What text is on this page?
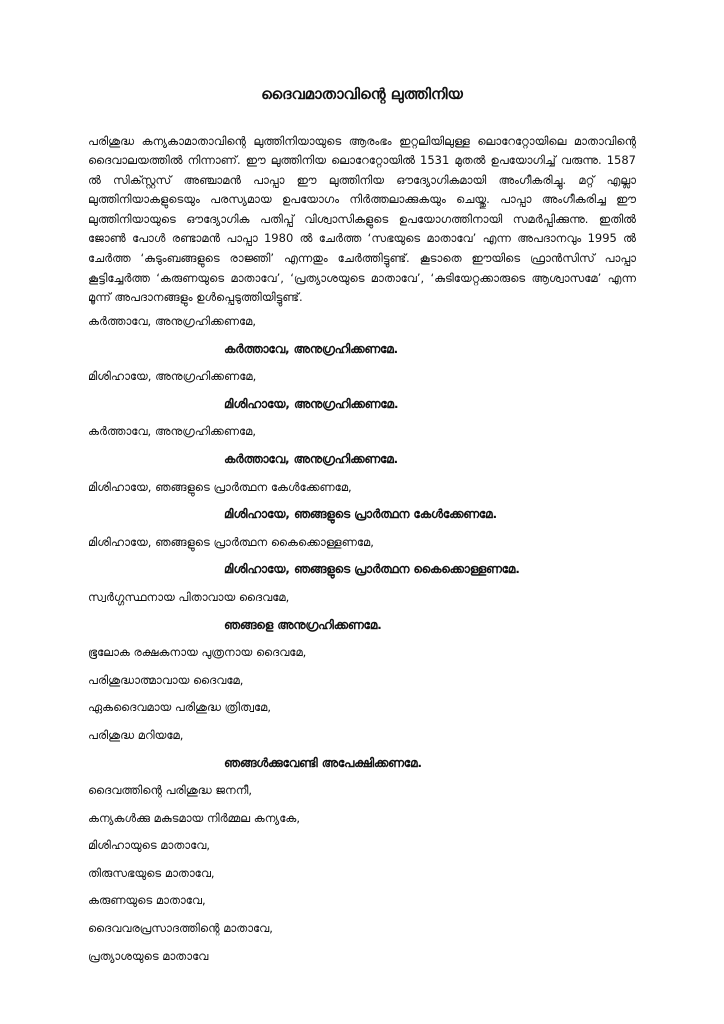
ദൈവമാതാവിന്റെ ലുത്തിനിയ

പരിശുദ്ധ കന്യകാമാതാവിന്റെ ലുത്തിനിയായുടെ ആരംഭം ഇറ്റലിയിലുള്ള ലൊറേറ്റോയിലെ മാതാവിന്റെ ദൈവാലയത്തിൽ നിന്നാണ്. ഈ ലുത്തിനിയ ലൊറേറ്റോയിൽ 1531 മുതൽ ഉപയോഗിച്ച് വരുന്നു. 1587 ൽ സിക്സ്റ്റസ് അഞ്ചാമൻ പാപ്പാ ഈ ലുത്തിനിയ ഔദ്യോഗികമായി അംഗീകരിച്ചു. മറ്റ് എല്ലാ ലുത്തിനിയാകളുടെയും പരസ്യമായ ഉപയോഗം നിർത്തലാക്കുകയും ചെയ്തു. പാപ്പാ അംഗീകരിച്ച ഈ ലുത്തിനിയായുടെ ഔദ്യോഗിക പതിപ്പ് വിശ്വാസികളുടെ ഉപയോഗത്തിനായി സമർപ്പിക്കുന്നു. ഇതിൽ ജോൺ പോൾ രണ്ടാമൻ പാപ്പാ 1980 ൽ ചേർത്ത ‘സഭയുടെ മാതാവേ’ എന്ന അപദാനവും 1995 ൽ ചേർത്ത ‘കുടുംബങ്ങളുടെ രാജ്ഞി’ എന്നതും ചേർത്തിട്ടുണ്ട്. കൂടാതെ ഈയിടെ ഫ്രാൻസിസ് പാപ്പാ കൂട്ടിച്ചേർത്ത ‘കരുണയുടെ മാതാവേ’, ‘പ്രത്യാശയുടെ മാതാവേ’, ‘കുടിയേറ്റക്കാരുടെ ആശ്വാസമേ’ എന്ന മൂന്ന് അപദാനങ്ങളും ഉൾപ്പെടുത്തിയിട്ടുണ്ട്.

കർത്താവേ, അനുഗ്രഹിക്കണമേ,
കർത്താവേ, അനുഗ്രഹിക്കണമേ.
മിശിഹായേ, അനുഗ്രഹിക്കണമേ,
മിശിഹായേ, അനുഗ്രഹിക്കണമേ.
കർത്താവേ, അനുഗ്രഹിക്കണമേ,
കർത്താവേ, അനുഗ്രഹിക്കണമേ.
മിശിഹായേ, ഞങ്ങളുടെ പ്രാർത്ഥന കേൾക്കേണമേ,
മിശിഹായേ, ഞങ്ങളുടെ പ്രാർത്ഥന കേൾക്കേണമേ.
മിശിഹായേ, ഞങ്ങളുടെ പ്രാർത്ഥന കൈക്കൊള്ളണമേ,
മിശിഹായേ, ഞങ്ങളുടെ പ്രാർത്ഥന കൈക്കൊള്ളണമേ.
സ്വർഗ്ഗസ്ഥനായ പിതാവായ ദൈവമേ,
ഞങ്ങളെ അനുഗ്രഹിക്കണമേ.
ഭൂലോക രക്ഷകനായ പുത്രനായ ദൈവമേ,
പരിശുദ്ധാത്മാവായ ദൈവമേ,
ഏകദൈവമായ പരിശുദ്ധ ത്രിത്വമേ,
പരിശുദ്ധ മറിയമേ,
ഞങ്ങൾക്കുവേണ്ടി അപേക്ഷിക്കണമേ.
ദൈവത്തിന്റെ പരിശുദ്ധ ജനനീ,
കന്യകൾക്കു മകുടമായ നിർമ്മല കന്യകേ,
മിശിഹായുടെ മാതാവേ,
തിരുസഭയുടെ മാതാവേ,
കരുണയുടെ മാതാവേ,
ദൈവവരപ്രസാദത്തിന്റെ മാതാവേ,
പ്രത്യാശയുടെ മാതാവേ
